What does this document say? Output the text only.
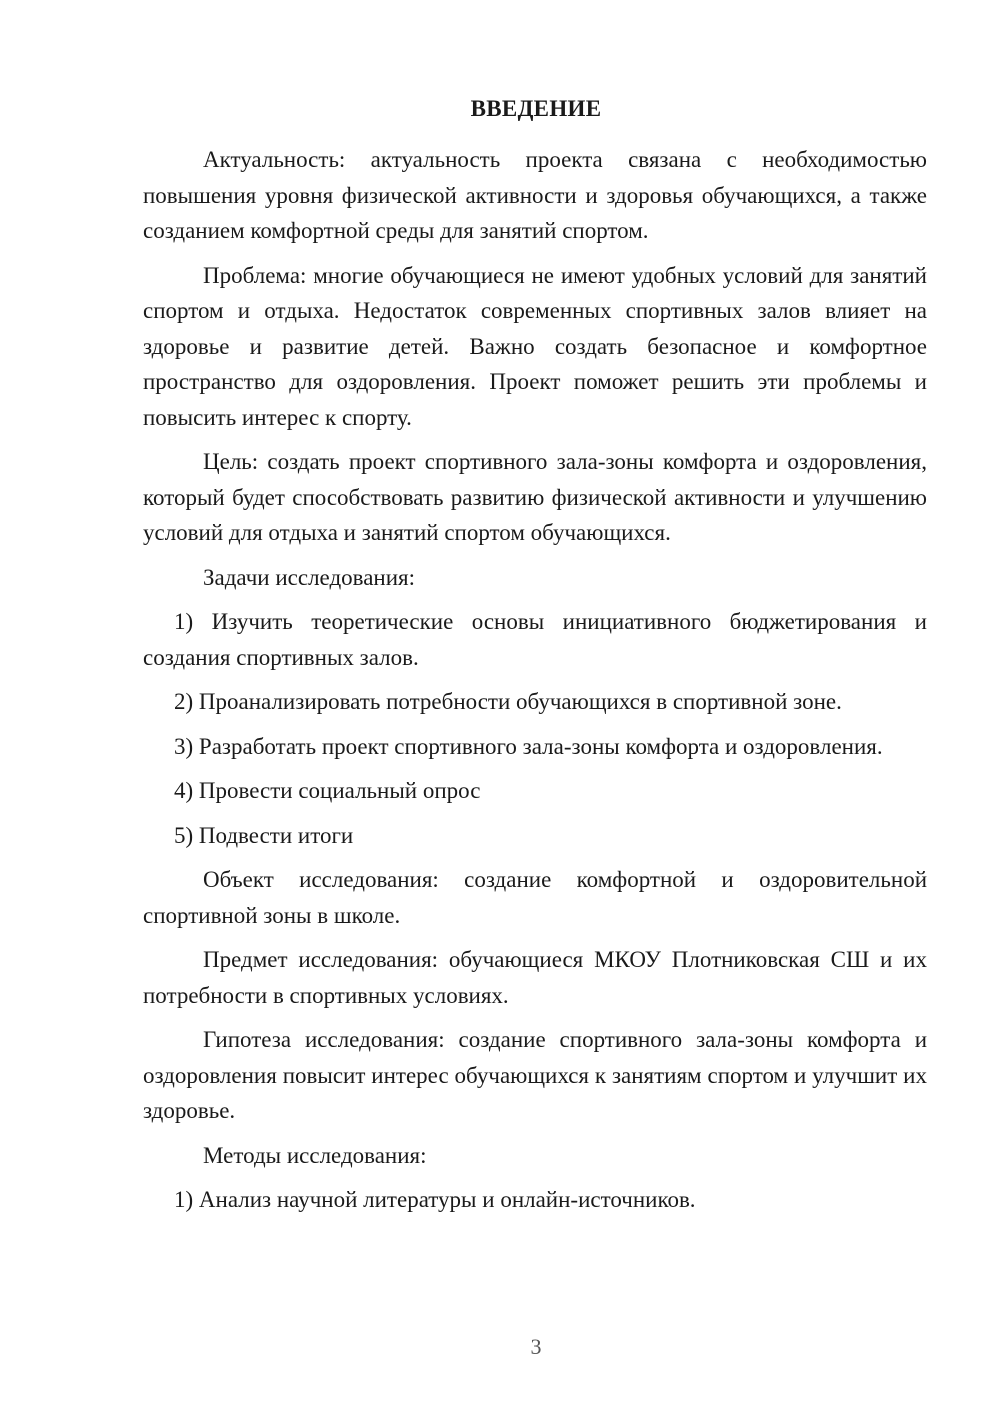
ВВЕДЕНИЕ

Актуальность: актуальность проекта связана с необходимостью повышения уровня физической активности и здоровья обучающихся, а также созданием комфортной среды для занятий спортом.

Проблема: многие обучающиеся не имеют удобных условий для занятий спортом и отдыха. Недостаток современных спортивных залов влияет на здоровье и развитие детей. Важно создать безопасное и комфортное пространство для оздоровления. Проект поможет решить эти проблемы и повысить интерес к спорту.

Цель: создать проект спортивного зала-зоны комфорта и оздоровления, который будет способствовать развитию физической активности и улучшению условий для отдыха и занятий спортом обучающихся.

Задачи исследования:

1) Изучить теоретические основы инициативного бюджетирования и создания спортивных залов.

2) Проанализировать потребности обучающихся в спортивной зоне.

3) Разработать проект спортивного зала-зоны комфорта и оздоровления.

4) Провести социальный опрос

5) Подвести итоги

Объект исследования: создание комфортной и оздоровительной спортивной зоны в школе.

Предмет исследования: обучающиеся МКОУ Плотниковская СШ и их потребности в спортивных условиях.

Гипотеза исследования: создание спортивного зала-зоны комфорта и оздоровления повысит интерес обучающихся к занятиям спортом и улучшит их здоровье.

Методы исследования:

1) Анализ научной литературы и онлайн-источников.

3
